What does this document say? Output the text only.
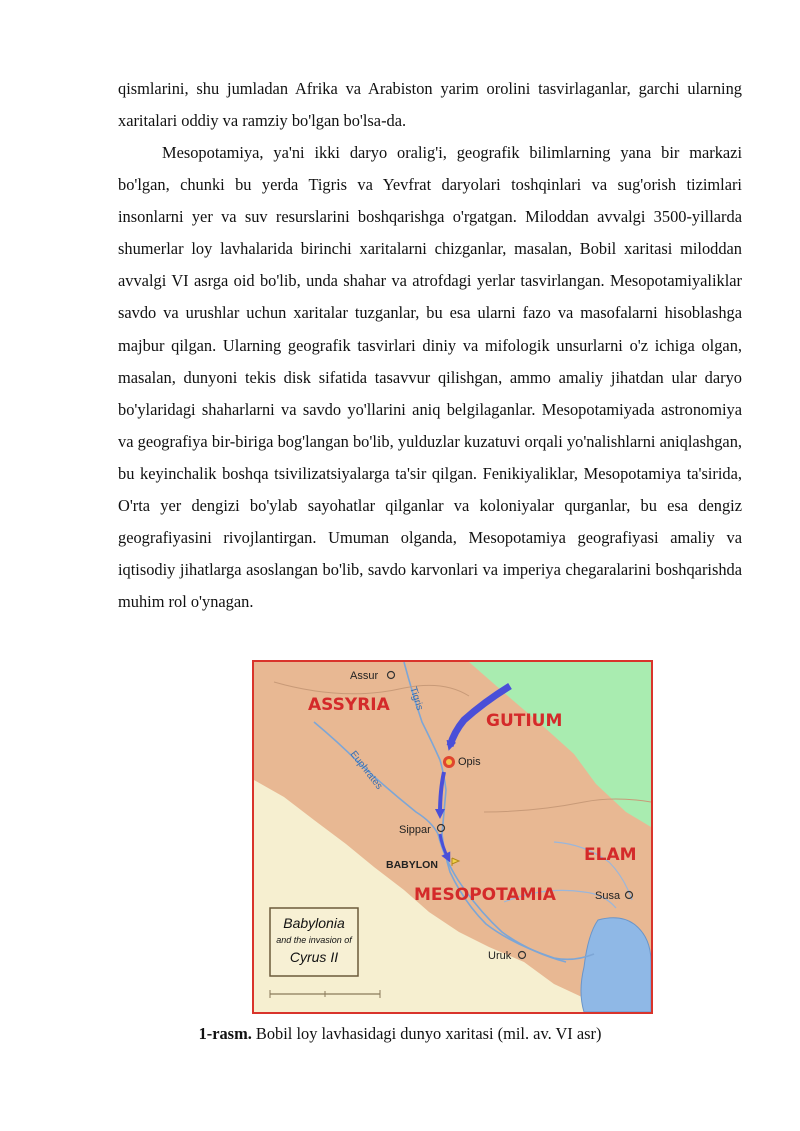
qismlarini, shu jumladan Afrika va Arabiston yarim orolini tasvirlaganlar, garchi ularning xaritalari oddiy va ramziy bo'lgan bo'lsa-da.

Mesopotamiya, ya'ni ikki daryo oralig'i, geografik bilimlarning yana bir markazi bo'lgan, chunki bu yerda Tigris va Yevfrat daryolari toshqinlari va sug'orish tizimlari insonlarni yer va suv resurslarini boshqarishga o'rgatgan. Miloddan avvalgi 3500-yillarda shumerlar loy lavhalarida birinchi xaritalarni chizganlar, masalan, Bobil xaritasi miloddan avvalgi VI asrga oid bo'lib, unda shahar va atrofdagi yerlar tasvirlangan. Mesopotamiyaliklar savdo va urushlar uchun xaritalar tuzganlar, bu esa ularni fazo va masofalarni hisoblashga majbur qilgan. Ularning geografik tasvirlari diniy va mifologik unsurlarni o'z ichiga olgan, masalan, dunyoni tekis disk sifatida tasavvur qilishgan, ammo amaliy jihatdan ular daryo bo'ylaridagi shaharlarni va savdo yo'llarini aniq belgilaganlar. Mesopotamiyada astronomiya va geografiya bir-biriga bog'langan bo'lib, yulduzlar kuzatuvi orqali yo'nalishlarni aniqlashgan, bu keyinchalik boshqa tsivilizatsiyalarga ta'sir qilgan. Fenikiyaliklar, Mesopotamiya ta'sirida, O'rta yer dengizi bo'ylab sayohatlar qilganlar va koloniyalar qurganlar, bu esa dengiz geografiyasini rivojlantirgan. Umuman olganda, Mesopotamiya geografiyasi amaliy va iqtisodiy jihatlarga asoslangan bo'lib, savdo karvonlari va imperiya chegaralarini boshqarishda muhim rol o'ynagan.

ASSYRIA
GUTIUM
ELAM
MESOPOTAMIA
Assur
Opis
Sippar
BABYLON
Susa
Uruk
Tigris
Euphrates
Babylonia
and the invasion of
Cyrus II
1-rasm. Bobil loy lavhasidagi dunyo xaritasi (mil. av. VI asr)
